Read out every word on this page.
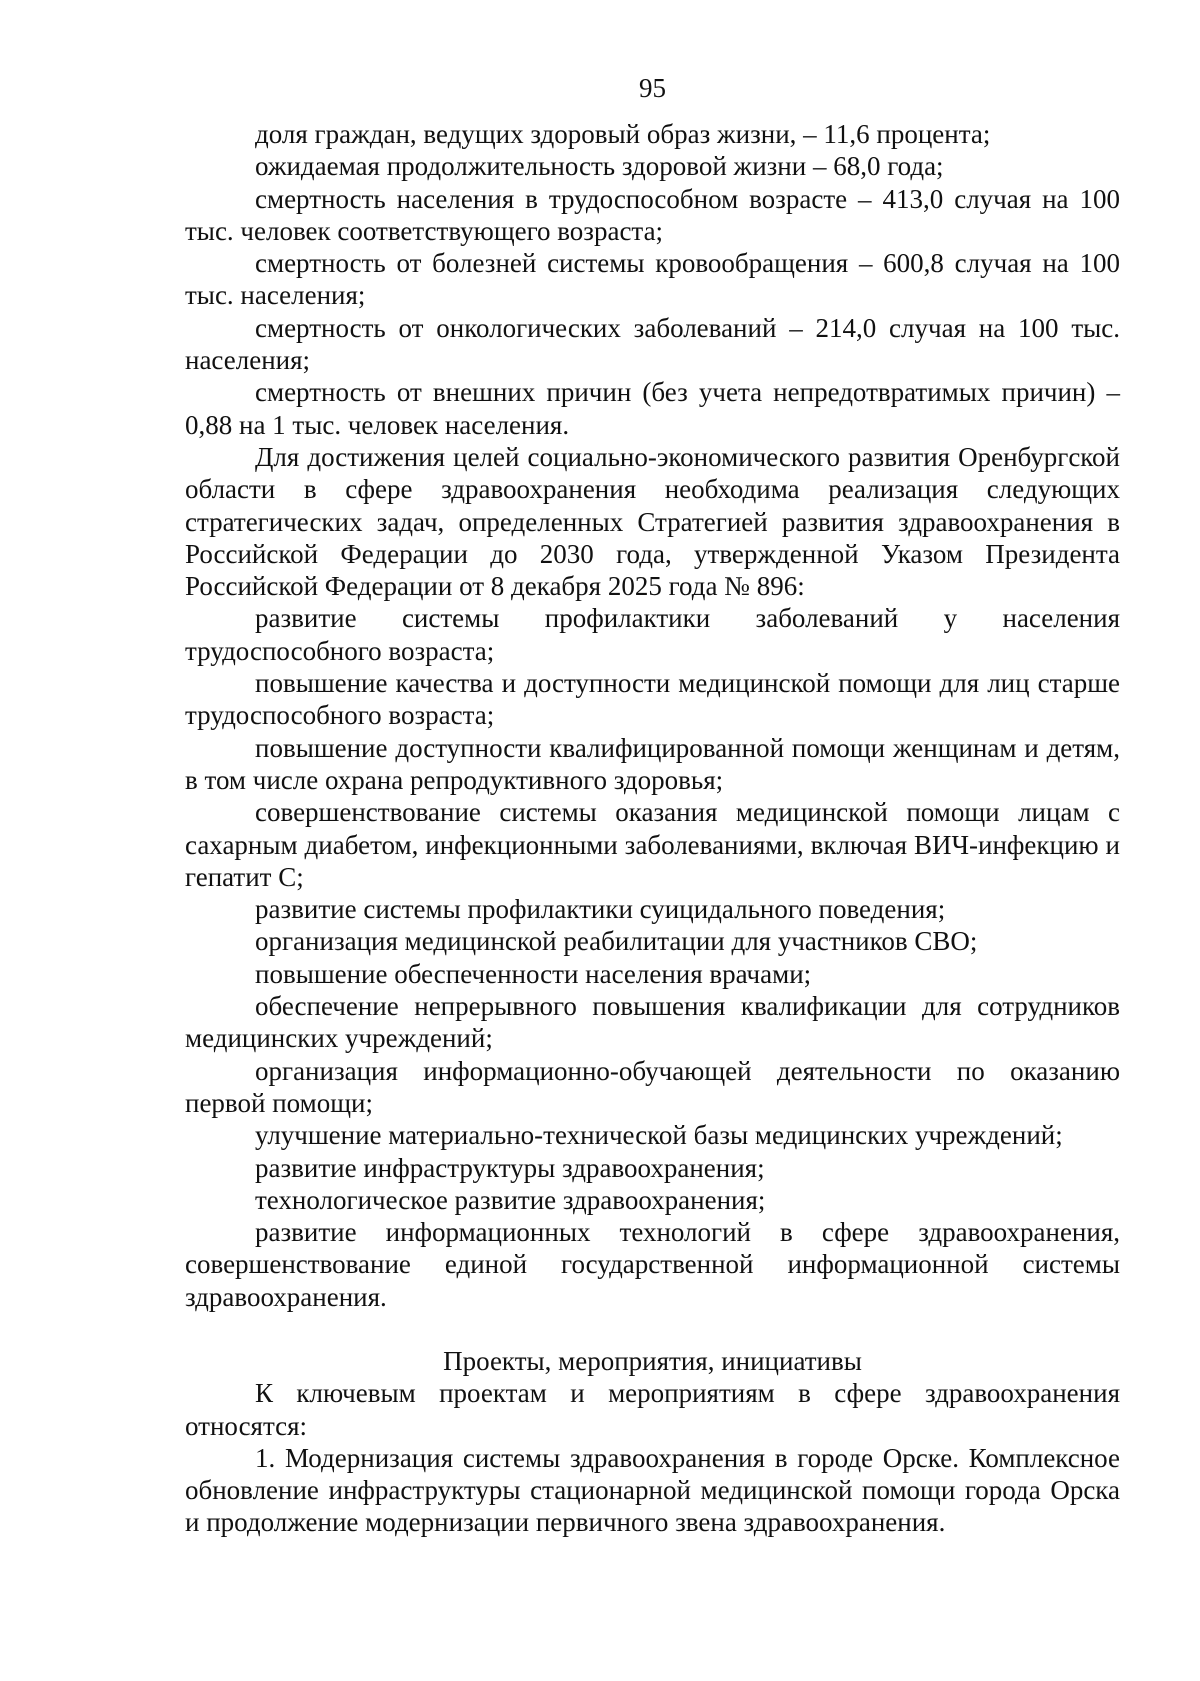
95

доля граждан, ведущих здоровый образ жизни, – 11,6 процента;

ожидаемая продолжительность здоровой жизни – 68,0 года;

смертность населения в трудоспособном возрасте – 413,0 случая на 100 тыс. человек соответствующего возраста;

смертность от болезней системы кровообращения – 600,8 случая на 100 тыс. населения;

смертность от онкологических заболеваний – 214,0 случая на 100 тыс. населения;

смертность от внешних причин (без учета непредотвратимых причин) – 0,88 на 1 тыс. человек населения.

Для достижения целей социально-экономического развития Оренбургской области в сфере здравоохранения необходима реализация следующих стратегических задач, определенных Стратегией развития здравоохранения в Российской Федерации до 2030 года, утвержденной Указом Президента Российской Федерации от 8 декабря 2025 года № 896:

развитие системы профилактики заболеваний у населения трудоспособного возраста;

повышение качества и доступности медицинской помощи для лиц старше трудоспособного возраста;

повышение доступности квалифицированной помощи женщинам и детям, в том числе охрана репродуктивного здоровья;

совершенствование системы оказания медицинской помощи лицам с сахарным диабетом, инфекционными заболеваниями, включая ВИЧ-инфекцию и гепатит С;

развитие системы профилактики суицидального поведения;

организация медицинской реабилитации для участников СВО;

повышение обеспеченности населения врачами;

обеспечение непрерывного повышения квалификации для сотрудников медицинских учреждений;

организация информационно-обучающей деятельности по оказанию первой помощи;

улучшение материально-технической базы медицинских учреждений;

развитие инфраструктуры здравоохранения;

технологическое развитие здравоохранения;

развитие информационных технологий в сфере здравоохранения, совершенствование единой государственной информационной системы здравоохранения.

Проекты, мероприятия, инициативы

К ключевым проектам и мероприятиям в сфере здравоохранения относятся:

1. Модернизация системы здравоохранения в городе Орске. Комплексное обновление инфраструктуры стационарной медицинской помощи города Орска и продолжение модернизации первичного звена здравоохранения.
